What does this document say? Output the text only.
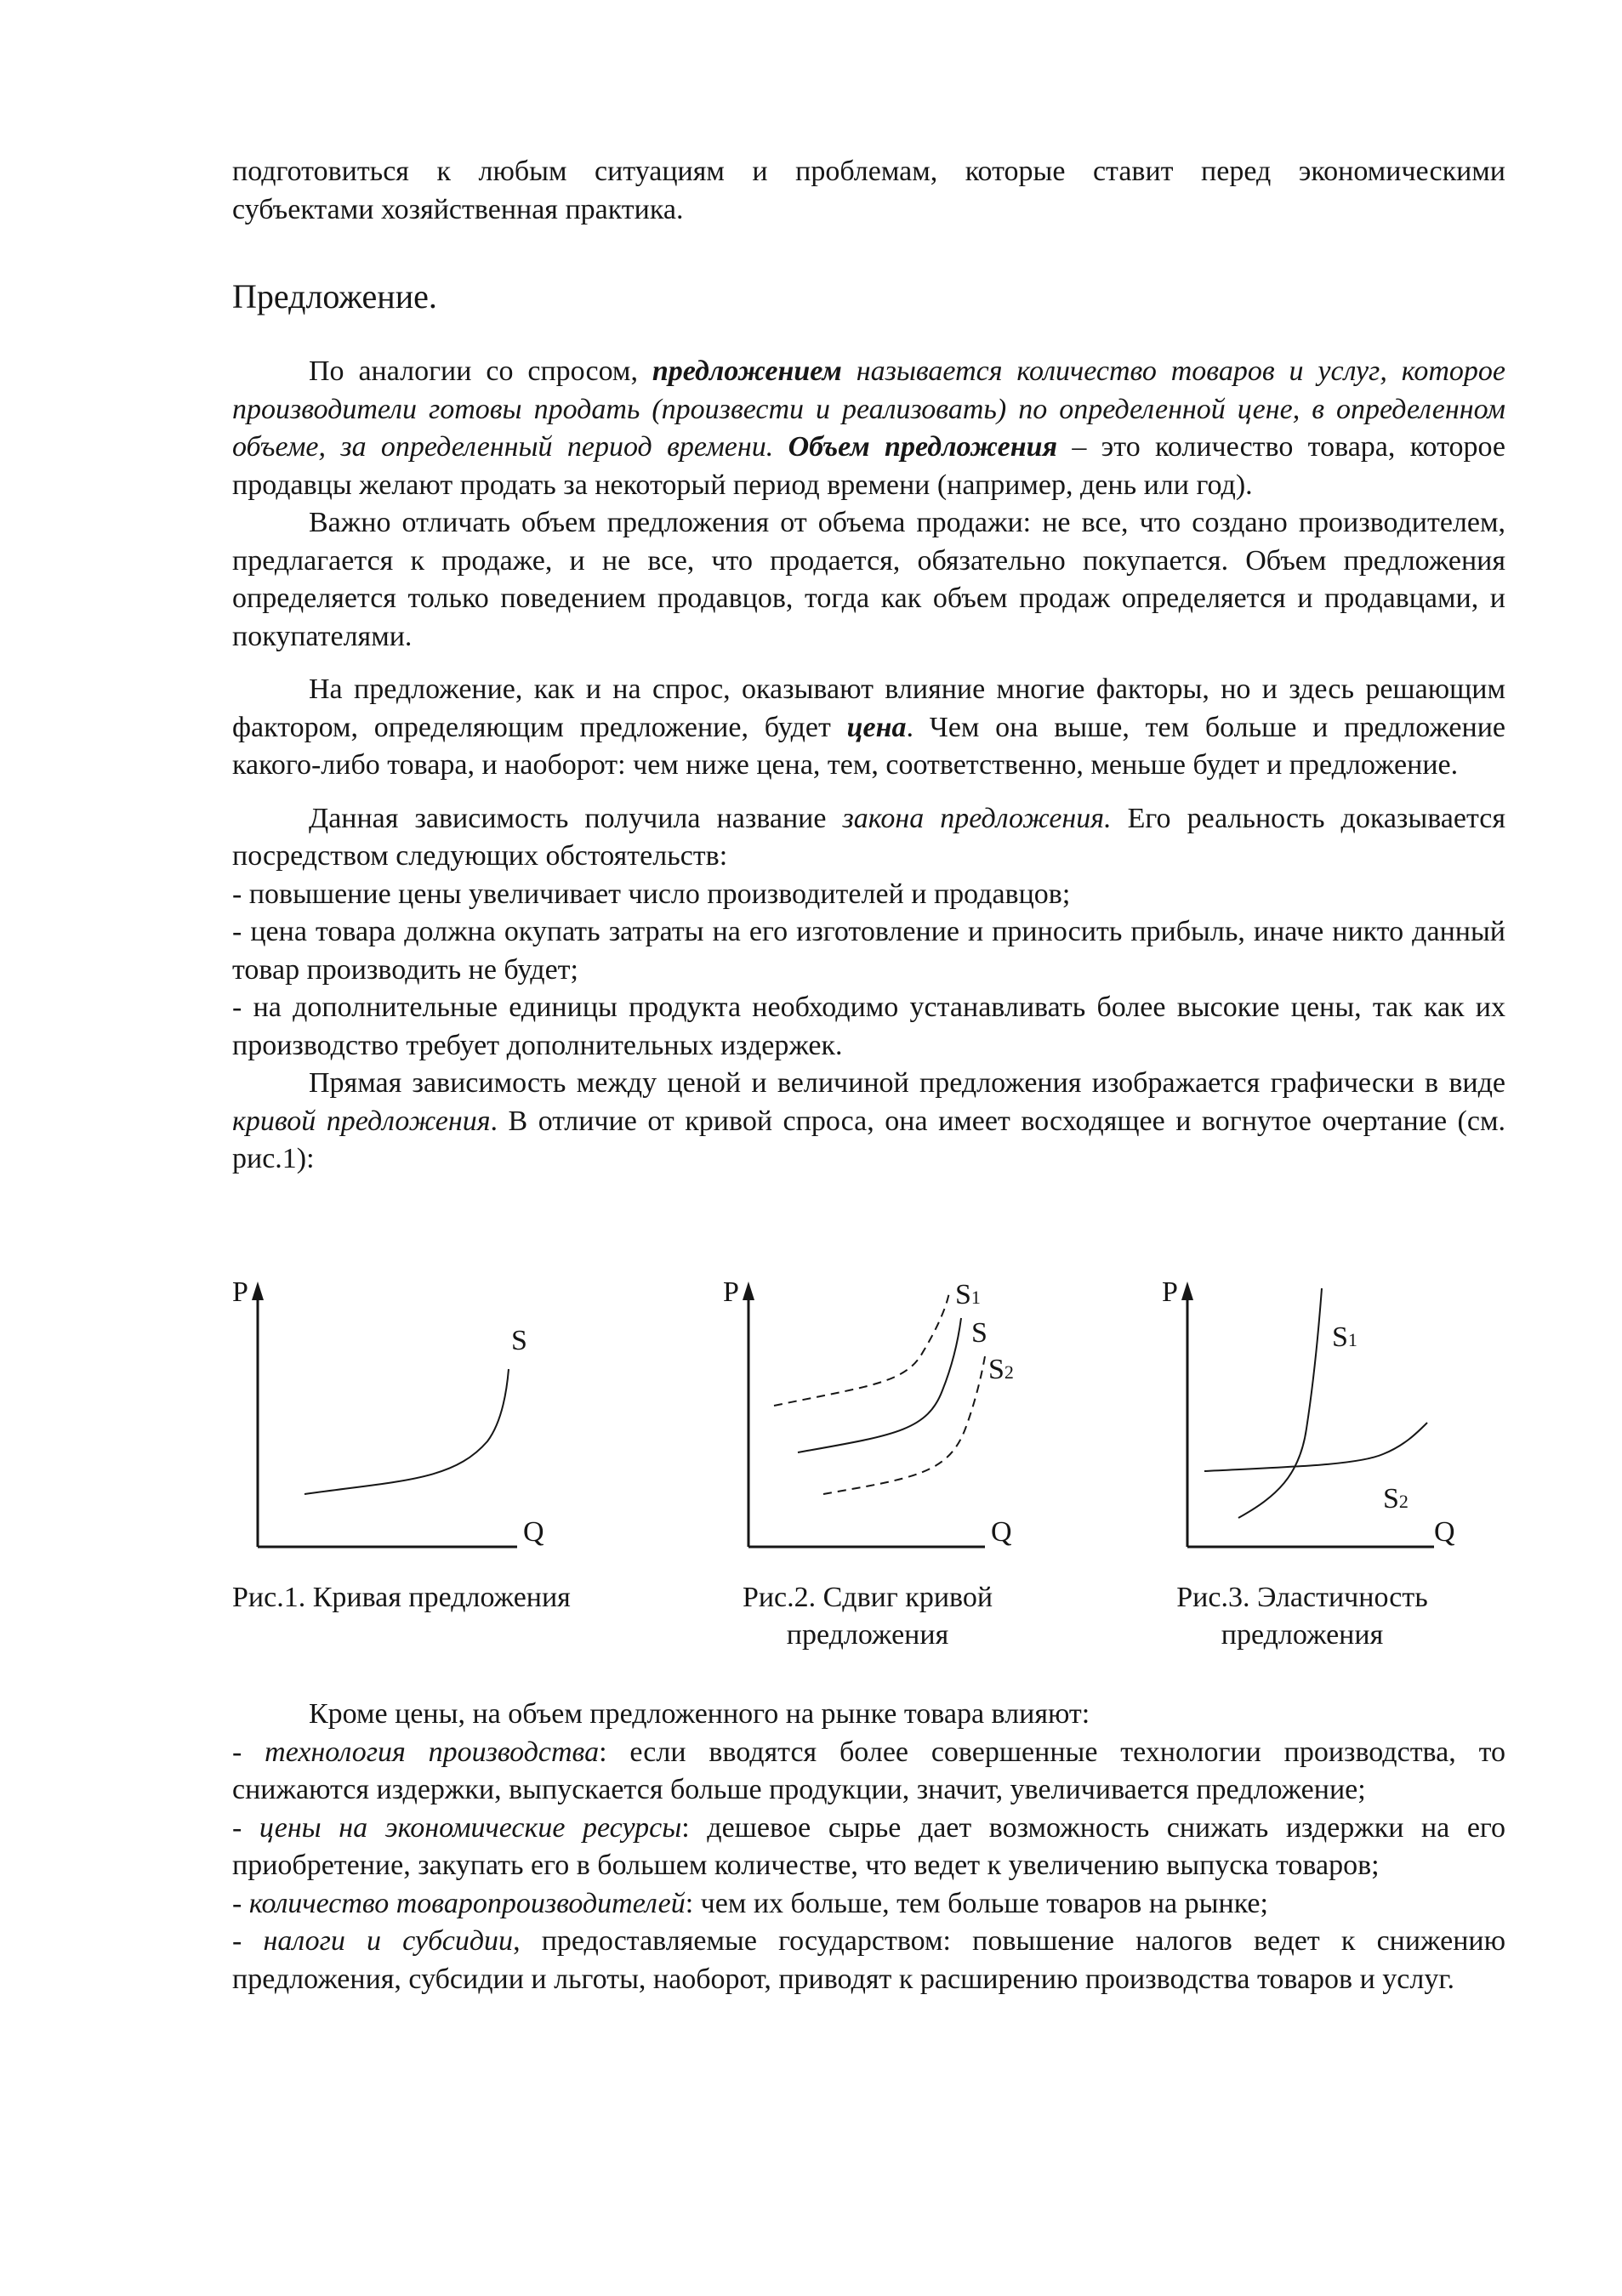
подготовиться к любым ситуациям и проблемам, которые ставит перед экономическими

субъектами хозяйственная практика.

Предложение.

По аналогии со спросом, предложением называется количество товаров и услуг, которое производители готовы продать (произвести и реализовать) по определенной цене, в определенном объеме, за определенный период времени. Объем предложения – это количество товара, которое продавцы желают продать за некоторый период времени (например, день или год).

Важно отличать объем предложения от объема продажи: не все, что создано производителем, предлагается к продаже, и не все, что продается, обязательно покупается. Объем предложения определяется только поведением продавцов, тогда как объем продаж определяется и продавцами, и покупателями.

На предложение, как и на спрос, оказывают влияние многие факторы, но и здесь решающим фактором, определяющим предложение, будет цена. Чем она выше, тем больше и предложение какого-либо товара, и наоборот: чем ниже цена, тем, соответственно, меньше будет и предложение.

Данная зависимость получила название закона предложения. Его реальность доказывается посредством следующих обстоятельств:

- повышение цены увеличивает число производителей и продавцов;

- цена товара должна окупать затраты на его изготовление и приносить прибыль, иначе никто данный товар производить не будет;

- на дополнительные единицы продукта необходимо устанавливать более высокие цены, так как их производство требует дополнительных издержек.

Прямая зависимость между ценой и величиной предложения изображается графически в виде кривой предложения. В отличие от кривой спроса, она имеет восходящее и вогнутое очертание (см. рис.1):

P
Q
S
Рис.1. Кривая предложения
P
Q
S1
S
S2
Рис.2. Сдвиг кривой
предложения
P
Q
S1
S2
Рис.3. Эластичность
предложения

Кроме цены, на объем предложенного на рынке товара влияют:

- технология производства: если вводятся более совершенные технологии производства, то снижаются издержки, выпускается больше продукции, значит, увеличивается предложение;

- цены на экономические ресурсы: дешевое сырье дает возможность снижать издержки на его приобретение, закупать его в большем количестве, что ведет к увеличению выпуска товаров;

- количество товаропроизводителей: чем их больше, тем больше товаров на рынке;

- налоги и субсидии, предоставляемые государством: повышение налогов ведет к снижению предложения, субсидии и льготы, наоборот, приводят к расширению производства товаров и услуг.
